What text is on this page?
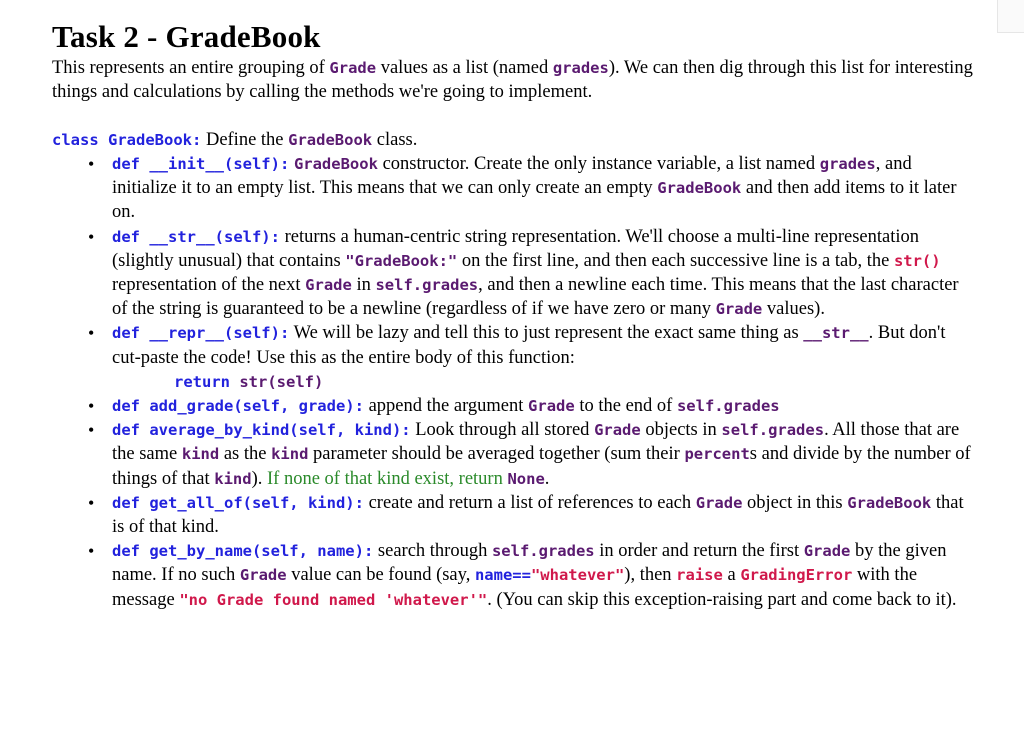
Task 2 - GradeBook

This represents an entire grouping of Grade values as a list (named grades). We can then dig through this list for interesting things and calculations by calling the methods we're going to implement.

class GradeBook: Define the GradeBook class.
• def __init__(self): GradeBook constructor. Create the only instance variable, a list named grades, and initialize it to an empty list. This means that we can only create an empty GradeBook and then add items to it later on.
• def __str__(self): returns a human-centric string representation. We'll choose a multi-line representation (slightly unusual) that contains "GradeBook:" on the first line, and then each successive line is a tab, the str() representation of the next Grade in self.grades, and then a newline each time. This means that the last character of the string is guaranteed to be a newline (regardless of if we have zero or many Grade values).
• def __repr__(self): We will be lazy and tell this to just represent the exact same thing as __str__. But don't cut-paste the code! Use this as the entire body of this function:
return str(self)
• def add_grade(self, grade): append the argument Grade to the end of self.grades
• def average_by_kind(self, kind): Look through all stored Grade objects in self.grades. All those that are the same kind as the kind parameter should be averaged together (sum their percents and divide by the number of things of that kind). If none of that kind exist, return None.
• def get_all_of(self, kind): create and return a list of references to each Grade object in this GradeBook that is of that kind.
• def get_by_name(self, name): search through self.grades in order and return the first Grade by the given name. If no such Grade value can be found (say, name=="whatever"), then raise a GradingError with the message "no Grade found named 'whatever'". (You can skip this exception-raising part and come back to it).
